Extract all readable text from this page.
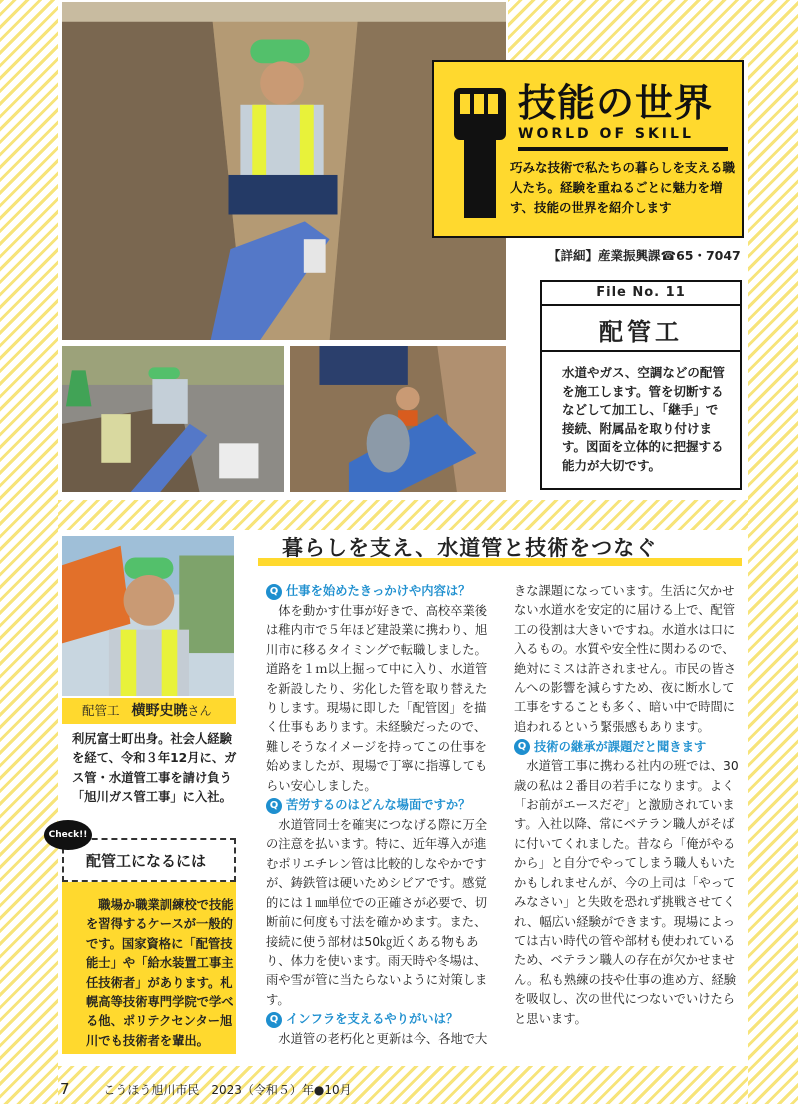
技能の世界
WORLD OF SKILL
巧みな技術で私たちの暮らしを支える職人たち。経験を重ねるごとに魅力を増す、技能の世界を紹介します
【詳細】産業振興課☎65・7047
File No. 11
配管工
水道やガス、空調などの配管を施工します。管を切断するなどして加工し、「継手」で接続、附属品を取り付けます。図面を立体的に把握する能力が大切です。
配管工 横野史暁さん
利尻富士町出身。社会人経験を経て、令和３年12月に、ガス管・水道管工事を請け負う「旭川ガス管工事」に入社。
配管工になるには
Check!!
職場か職業訓練校で技能を習得するケースが一般的です。国家資格に「配管技能士」や「給水装置工事主任技術者」があります。札幌高等技術専門学院で学べる他、ポリテクセンター旭川でも技術者を輩出。
暮らしを支え、水道管と技術をつなぐ
Q 仕事を始めたきっかけや内容は？

体を動かす仕事が好きで、高校卒業後は稚内市で５年ほど建設業に携わり、旭川市に移るタイミングで転職しました。道路を１ｍ以上掘って中に入り、水道管を新設したり、劣化した管を取り替えたりします。現場に即した「配管図」を描く仕事もあります。未経験だったので、難しそうなイメージを持ってこの仕事を始めましたが、現場で丁寧に指導してもらい安心しました。

Q 苦労するのはどんな場面ですか？

水道管同士を確実につなげる際に万全の注意を払います。特に、近年導入が進むポリエチレン管は比較的しなやかですが、鋳鉄管は硬いためシビアです。感覚的には１㎜単位での正確さが必要で、切断前に何度も寸法を確かめます。また、接続に使う部材は50㎏近くある物もあり、体力を使います。雨天時や冬場は、雨や雪が管に当たらないように対策します。

Q インフラを支えるやりがいは？

水道管の老朽化と更新は今、各地で大

きな課題になっています。生活に欠かせない水道水を安定的に届ける上で、配管工の役割は大きいですね。水道水は口に入るもの。水質や安全性に関わるので、絶対にミスは許されません。市民の皆さんへの影響を減らすため、夜に断水して工事をすることも多く、暗い中で時間に追われるという緊張感もあります。
Q 技術の継承が課題だと聞きます

水道管工事に携わる社内の班では、30歳の私は２番目の若手になります。よく「お前がエースだぞ」と激励されています。入社以降、常にベテラン職人がそばに付いてくれました。昔なら「俺がやるから」と自分でやってしまう職人もいたかもしれませんが、今の上司は「やってみなさい」と失敗を恐れず挑戦させてくれ、幅広い経験ができます。現場によっては古い時代の管や部材も使われているため、ベテラン職人の存在が欠かせません。私も熟練の技や仕事の進め方、経験を吸収し、次の世代につないでいけたらと思います。

7	こうほう旭川市民　2023（令和５）年●10月
